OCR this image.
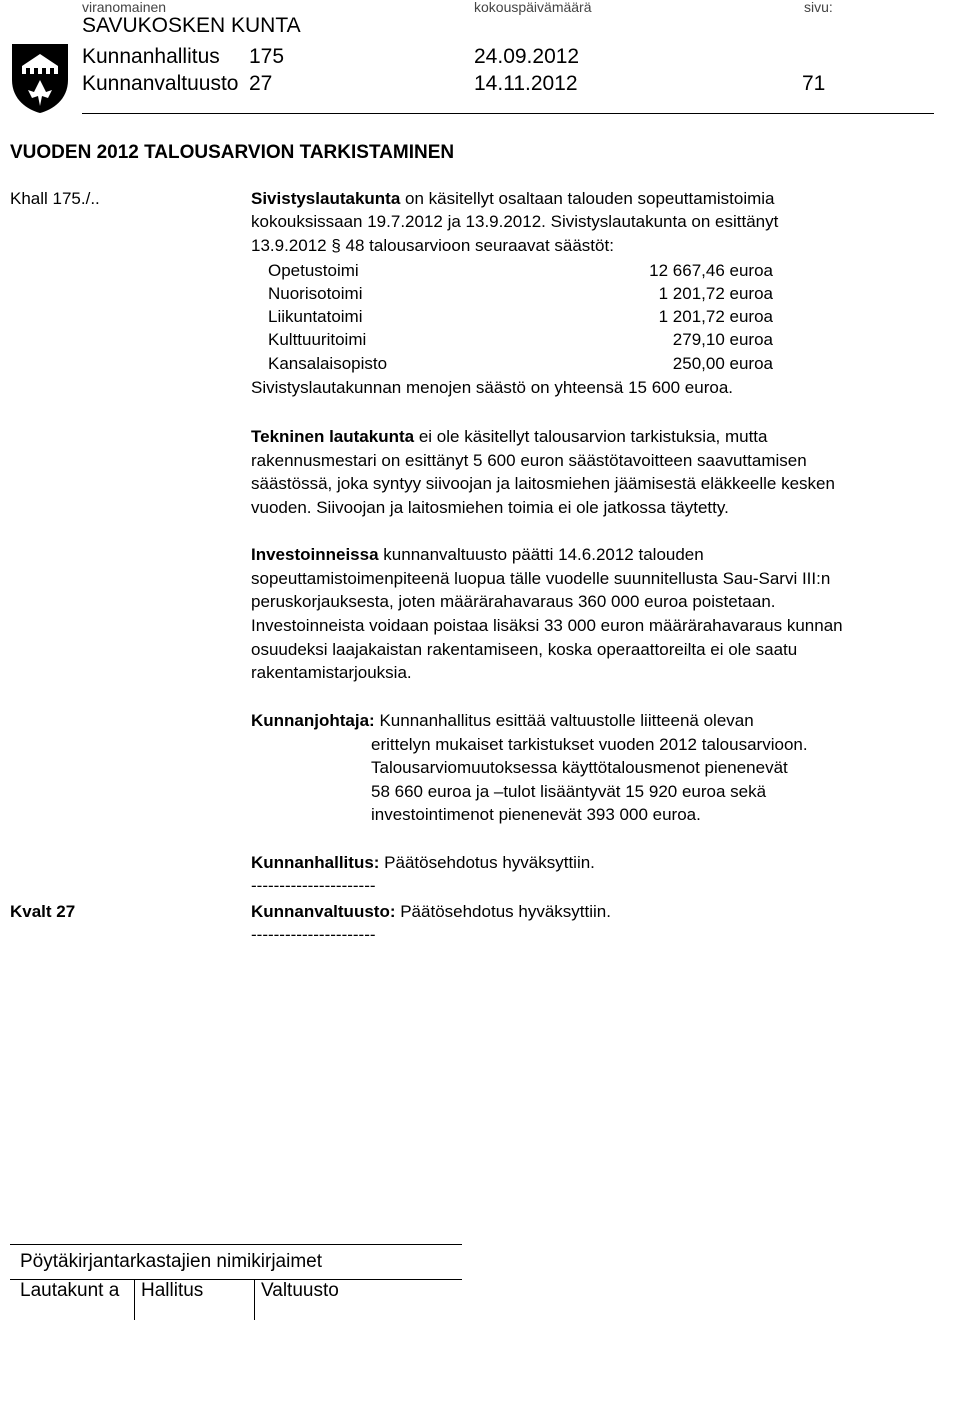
viranomainen	kokouspäivämäärä	sivu:
SAVUKOSKEN KUNTA
Kunnanhallitus 175	24.09.2012
Kunnanvaltuusto 27	14.11.2012	71
VUODEN 2012 TALOUSARVION TARKISTAMINEN
Khall 175./..
Kvalt 27
Sivistyslautakunta on käsitellyt osaltaan talouden sopeuttamistoimia
kokouksissaan 19.7.2012 ja 13.9.2012. Sivistyslautakunta on esittänyt
13.9.2012 § 48 talousarvioon seuraavat säästöt:
Opetustoimi	12 667,46 euroa
Nuorisotoimi	1 201,72 euroa
Liikuntatoimi	1 201,72 euroa
Kulttuuritoimi	279,10 euroa
Kansalaisopisto	250,00 euroa
Sivistyslautakunnan menojen säästö on yhteensä 15 600 euroa.
Tekninen lautakunta ei ole käsitellyt talousarvion tarkistuksia, mutta
rakennusmestari on esittänyt 5 600 euron säästötavoitteen saavuttamisen
säästössä, joka syntyy siivoojan ja laitosmiehen jäämisestä eläkkeelle kesken
vuoden. Siivoojan ja laitosmiehen toimia ei ole jatkossa täytetty.
Investoinneissa kunnanvaltuusto päätti 14.6.2012 talouden
sopeuttamistoimenpiteenä luopua tälle vuodelle suunnitellusta Sau-Sarvi III:n
peruskorjauksesta, joten määrärahavaraus 360 000 euroa poistetaan.
Investoinneista voidaan poistaa lisäksi 33 000 euron määrärahavaraus kunnan
osuudeksi laajakaistan rakentamiseen, koska operaattoreilta ei ole saatu
rakentamistarjouksia.
Kunnanjohtaja: Kunnanhallitus esittää valtuustolle liitteenä olevan
erittelyn mukaiset tarkistukset vuoden 2012 talousarvioon.
Talousarviomuutoksessa käyttötalousmenot pienenevät
58 660 euroa ja –tulot lisääntyvät 15 920 euroa sekä
investointimenot pienenevät 393 000 euroa.
Kunnanhallitus: Päätösehdotus hyväksyttiin.
----------------------
Kunnanvaltuusto: Päätösehdotus hyväksyttiin.
----------------------
Pöytäkirjantarkastajien nimikirjaimet
Lautakunt a	Hallitus	Valtuusto
